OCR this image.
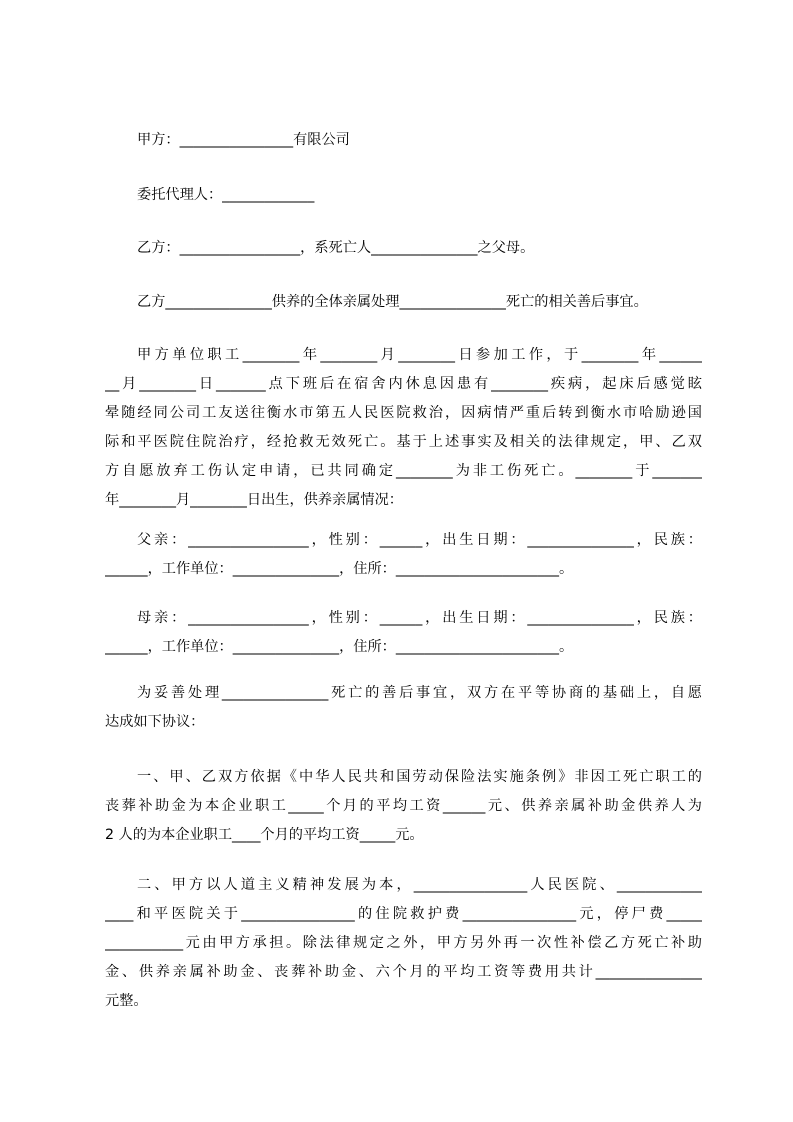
甲方：________________有限公司
委托代理人：_____________
乙方：_________________，系死亡人_______________之父母。
乙方_______________供养的全体亲属处理_______________死亡的相关善后事宜。
甲方单位职工________年________月________日参加工作，于________年______
__月________日_______点下班后在宿舍内休息因患有________疾病，起床后感觉眩
晕随经同公司工友送往衡水市第五人民医院救治，因病情严重后转到衡水市哈励逊国
际和平医院住院治疗，经抢救无效死亡。基于上述事实及相关的法律规定，甲、乙双
方自愿放弃工伤认定申请，已共同确定________为非工伤死亡。________于_______
年________月________日出生，供养亲属情况：
父亲：_________________，性别：______，出生日期：_______________，民族：
______，工作单位：_______________，住所：_______________________。
母亲：_________________，性别：______，出生日期：_______________，民族：
______，工作单位：_______________，住所：_______________________。
为妥善处理_______________死亡的善后事宜，双方在平等协商的基础上，自愿
达成如下协议：
一、甲、乙双方依据《中华人民共和国劳动保险法实施条例》非因工死亡职工的
丧葬补助金为本企业职工_____个月的平均工资______元、供养亲属补助金供养人为
2 人的为本企业职工____个月的平均工资_____元。
二、甲方以人道主义精神发展为本，________________人民医院、____________
____和平医院关于________________的住院救护费________________元，停尸费_____
___________元由甲方承担。除法律规定之外，甲方另外再一次性补偿乙方死亡补助
金、供养亲属补助金、丧葬补助金、六个月的平均工资等费用共计_______________
元整。
